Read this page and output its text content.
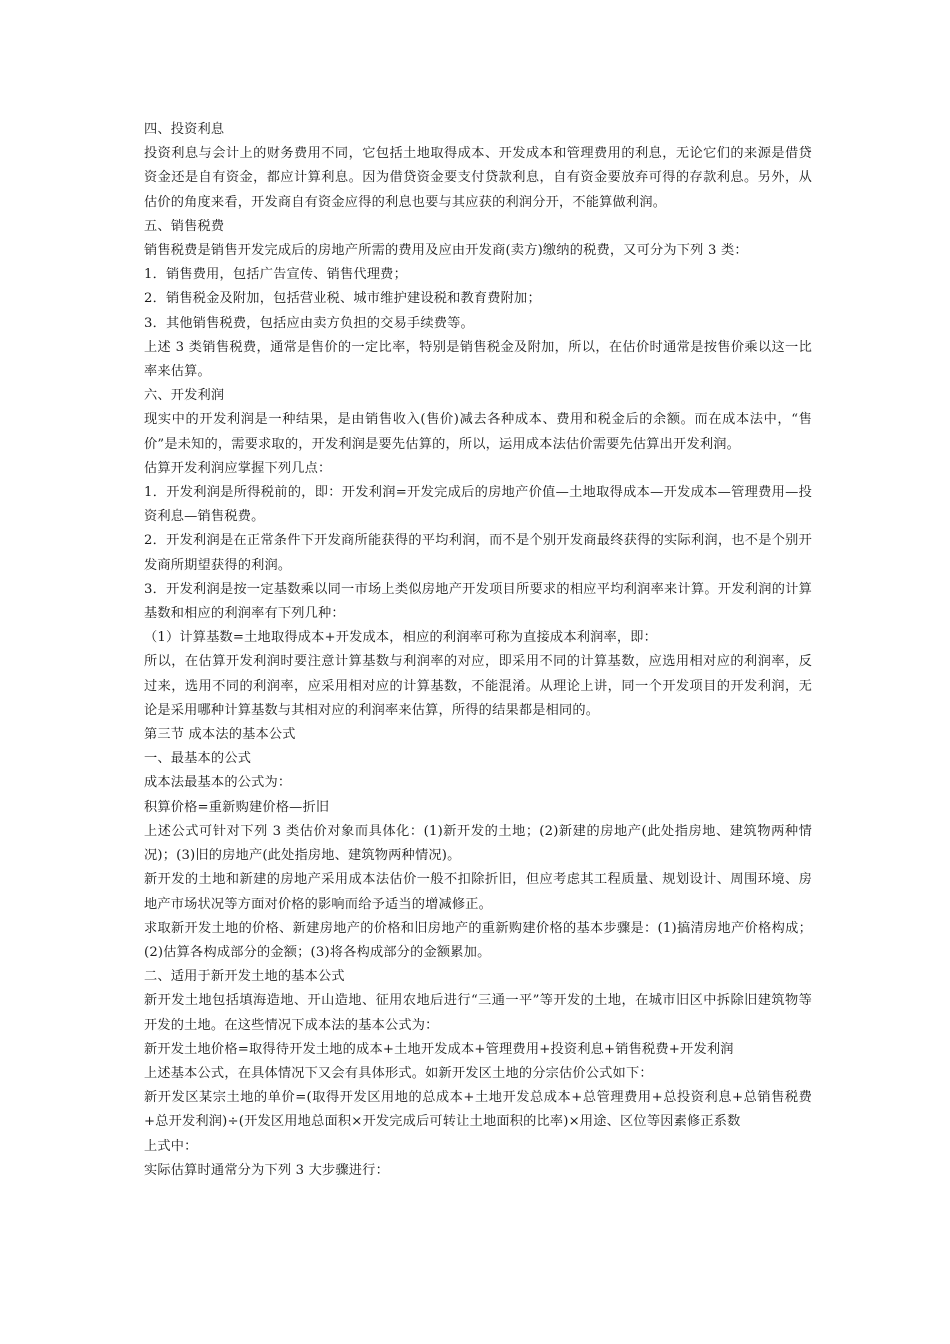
四、投资利息

投资利息与会计上的财务费用不同，它包括土地取得成本、开发成本和管理费用的利息，无论它们的来源是借贷资金还是自有资金，都应计算利息。因为借贷资金要支付贷款利息，自有资金要放弃可得的存款利息。另外，从估价的角度来看，开发商自有资金应得的利息也要与其应获的利润分开，不能算做利润。

五、销售税费

销售税费是销售开发完成后的房地产所需的费用及应由开发商(卖方)缴纳的税费，又可分为下列 3 类：

1．销售费用，包括广告宣传、销售代理费；

2．销售税金及附加，包括营业税、城市维护建设税和教育费附加；

3．其他销售税费，包括应由卖方负担的交易手续费等。

上述 3 类销售税费，通常是售价的一定比率，特别是销售税金及附加，所以，在估价时通常是按售价乘以这一比率来估算。

六、开发利润

现实中的开发利润是一种结果，是由销售收入(售价)减去各种成本、费用和税金后的余额。而在成本法中，“售价”是未知的，需要求取的，开发利润是要先估算的，所以，运用成本法估价需要先估算出开发利润。

估算开发利润应掌握下列几点：

1．开发利润是所得税前的，即：开发利润=开发完成后的房地产价值—土地取得成本—开发成本—管理费用—投资利息—销售税费。

2．开发利润是在正常条件下开发商所能获得的平均利润，而不是个别开发商最终获得的实际利润，也不是个别开发商所期望获得的利润。

3．开发利润是按一定基数乘以同一市场上类似房地产开发项目所要求的相应平均利润率来计算。开发利润的计算基数和相应的利润率有下列几种：

（1）计算基数=土地取得成本+开发成本，相应的利润率可称为直接成本利润率，即：

所以，在估算开发利润时要注意计算基数与利润率的对应，即采用不同的计算基数，应选用相对应的利润率，反过来，选用不同的利润率，应采用相对应的计算基数，不能混淆。从理论上讲，同一个开发项目的开发利润，无论是采用哪种计算基数与其相对应的利润率来估算，所得的结果都是相同的。

第三节 成本法的基本公式

一、最基本的公式

成本法最基本的公式为：

积算价格=重新购建价格—折旧

上述公式可针对下列 3 类估价对象而具体化：(1)新开发的土地；(2)新建的房地产(此处指房地、建筑物两种情况)；(3)旧的房地产(此处指房地、建筑物两种情况)。

新开发的土地和新建的房地产采用成本法估价一般不扣除折旧，但应考虑其工程质量、规划设计、周围环境、房地产市场状况等方面对价格的影响而给予适当的增减修正。

求取新开发土地的价格、新建房地产的价格和旧房地产的重新购建价格的基本步骤是：(1)搞清房地产价格构成；(2)估算各构成部分的金额；(3)将各构成部分的金额累加。

二、适用于新开发土地的基本公式

新开发土地包括填海造地、开山造地、征用农地后进行“三通一平”等开发的土地，在城市旧区中拆除旧建筑物等开发的土地。在这些情况下成本法的基本公式为：

新开发土地价格=取得待开发土地的成本+土地开发成本+管理费用+投资利息+销售税费+开发利润

上述基本公式，在具体情况下又会有具体形式。如新开发区土地的分宗估价公式如下：

新开发区某宗土地的单价=(取得开发区用地的总成本+土地开发总成本+总管理费用+总投资利息+总销售税费+总开发利润)÷(开发区用地总面积×开发完成后可转让土地面积的比率)×用途、区位等因素修正系数

上式中：

实际估算时通常分为下列 3 大步骤进行：
